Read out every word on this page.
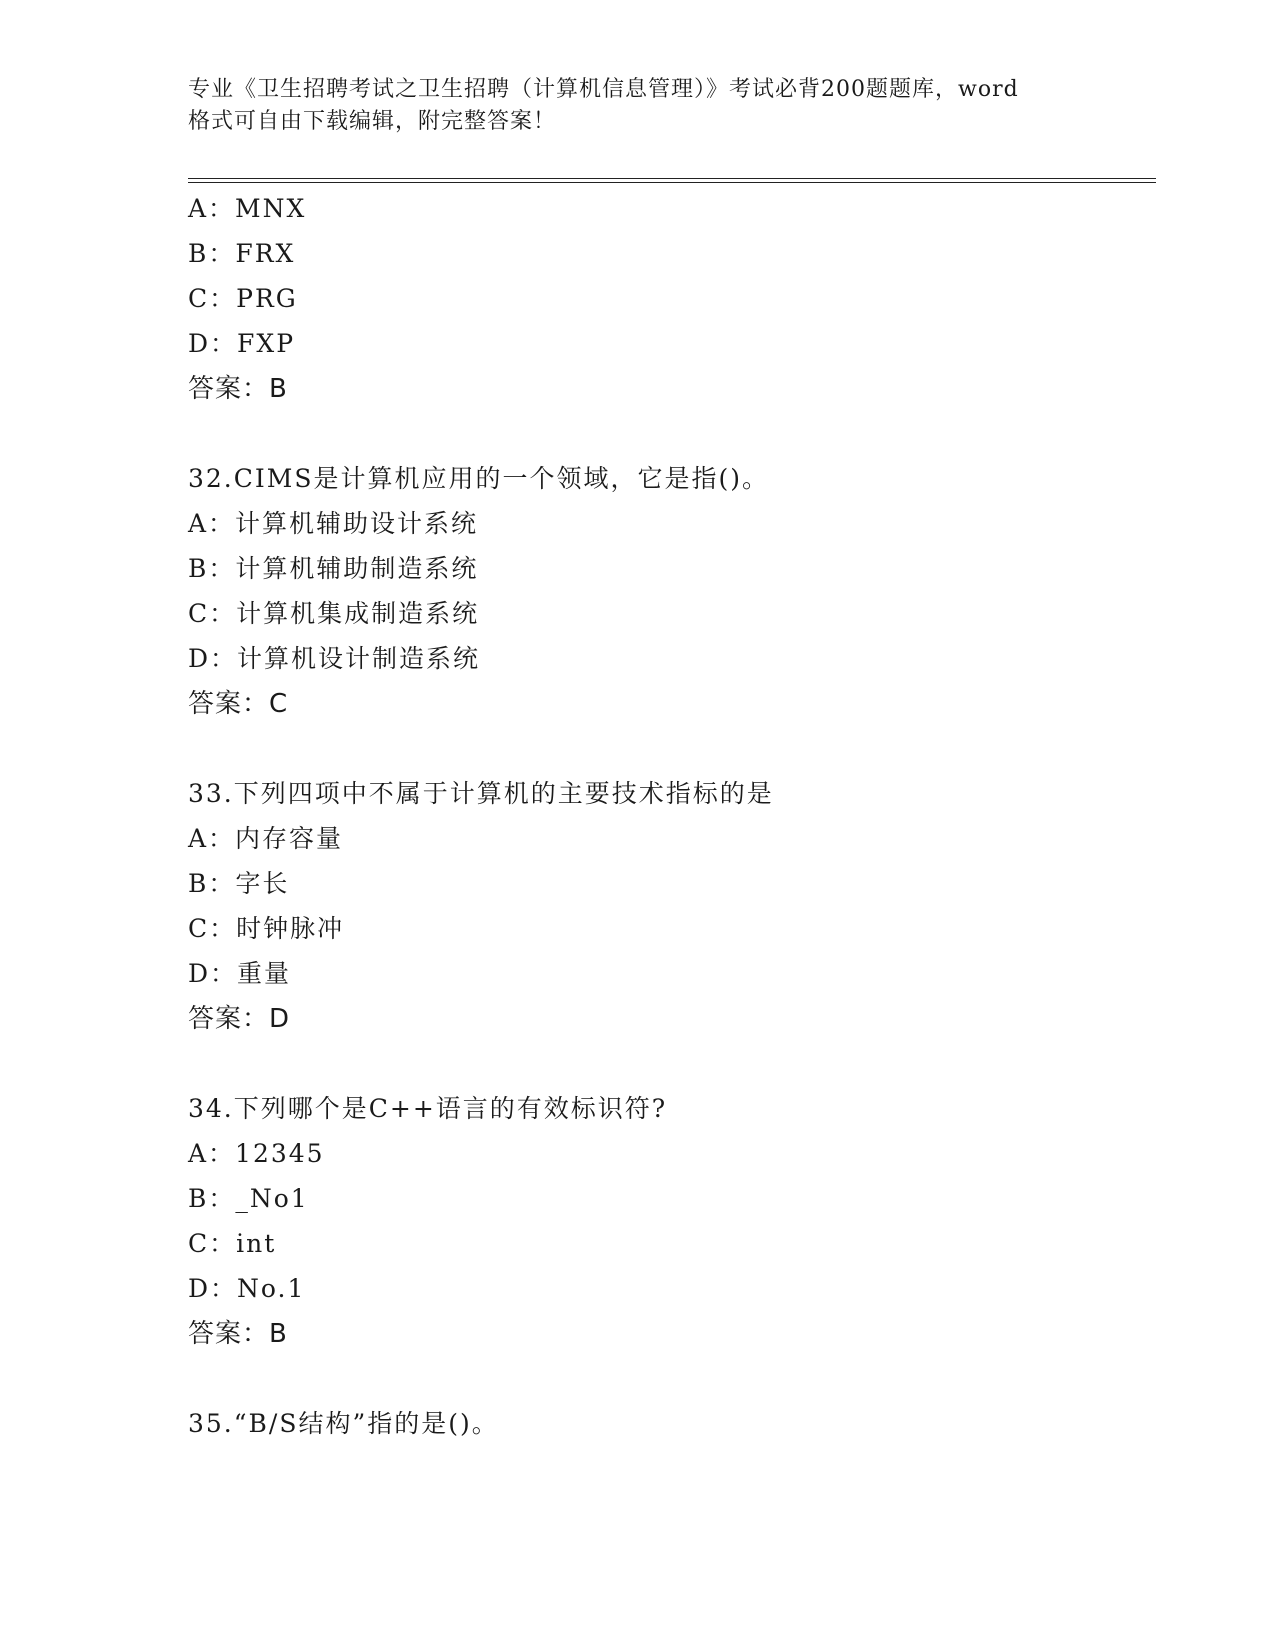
专业《卫生招聘考试之卫生招聘（计算机信息管理）》考试必背200题题库，word
格式可自由下载编辑，附完整答案！
A：MNX
B：FRX
C：PRG
D：FXP
答案：B
32.CIMS是计算机应用的一个领域，它是指()。
A：计算机辅助设计系统
B：计算机辅助制造系统
C：计算机集成制造系统
D：计算机设计制造系统
答案：C
33.下列四项中不属于计算机的主要技术指标的是
A：内存容量
B：字长
C：时钟脉冲
D：重量
答案：D
34.下列哪个是C++语言的有效标识符?
A：12345
B：_No1
C：int
D：No.1
答案：B
35.“B/S结构”指的是()。
